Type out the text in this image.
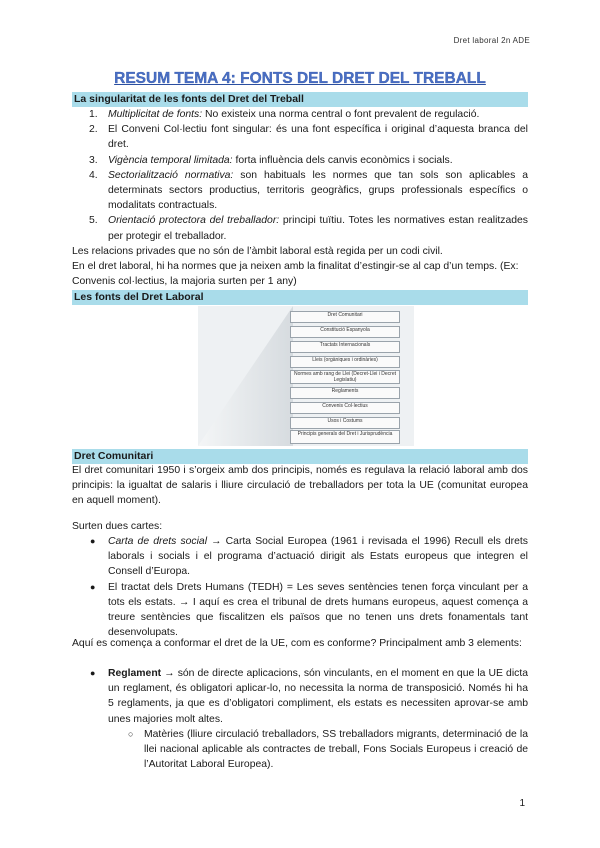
Dret laboral 2n ADE
RESUM TEMA 4: FONTS DEL DRET DEL TREBALL
La singularitat de les fonts del Dret del Treball
1. Multiplicitat de fonts: No existeix una norma central o font prevalent de regulació.
2. El Conveni Col·lectiu font singular: és una font específica i original d’aquesta branca del dret.
3. Vigència temporal limitada: forta influència dels canvis econòmics i socials.
4. Sectorialització normativa: son habituals les normes que tan sols son aplicables a determinats sectors productius, territoris geogràfics, grups professionals específics o modalitats contractuals.
5. Orientació protectora del treballador: principi tuïtiu. Totes les normatives estan realitzades per protegir el treballador.
Les relacions privades que no són de l’àmbit laboral està regida per un codi civil.
En el dret laboral, hi ha normes que ja neixen amb la finalitat d’estingir-se al cap d’un temps. (Ex: Convenis col·lectius, la majoria surten per 1 any)
Les fonts del Dret Laboral
Dret Comunitari
Constitució Espanyola
Tractats Internacionals
Lleis (orgàniques i ordinàries)
Normes amb rang de Llei (Decret-Llei i Decret Legislatiu)
Reglaments
Convenis Col·lectius
Usos i Costums
Principis generals del Dret i Jurisprudència
Dret Comunitari
El dret comunitari 1950 i s’orgeix amb dos principis, només es regulava la relació laboral amb dos principis: la igualtat de salaris i lliure circulació de treballadors per tota la UE (comunitat europea en aquell moment).
Surten dues cartes:
● Carta de drets social → Carta Social Europea (1961 i revisada el 1996) Recull els drets laborals i socials i el programa d’actuació dirigit als Estats europeus que integren el Consell d’Europa.
● El tractat dels Drets Humans (TEDH) = Les seves sentències tenen força vinculant per a tots els estats. → I aquí es crea el tribunal de drets humans europeus, aquest comença a treure sentències que fiscalitzen els països que no tenen uns drets fonamentals tant desenvolupats.
Aquí es comença a conformar el dret de la UE, com es conforme? Principalment amb 3 elements:
● Reglament → són de directe aplicacions, són vinculants, en el moment en que la UE dicta un reglament, és obligatori aplicar-lo, no necessita la norma de transposició. Només hi ha 5 reglaments, ja que es d’obligatori compliment, els estats es necessiten aprovar-se amb unes majories molt altes.
○ Matèries (lliure circulació treballadors, SS treballadors migrants, determinació de la llei nacional aplicable als contractes de treball, Fons Socials Europeus i creació de l’Autoritat Laboral Europea).
1
